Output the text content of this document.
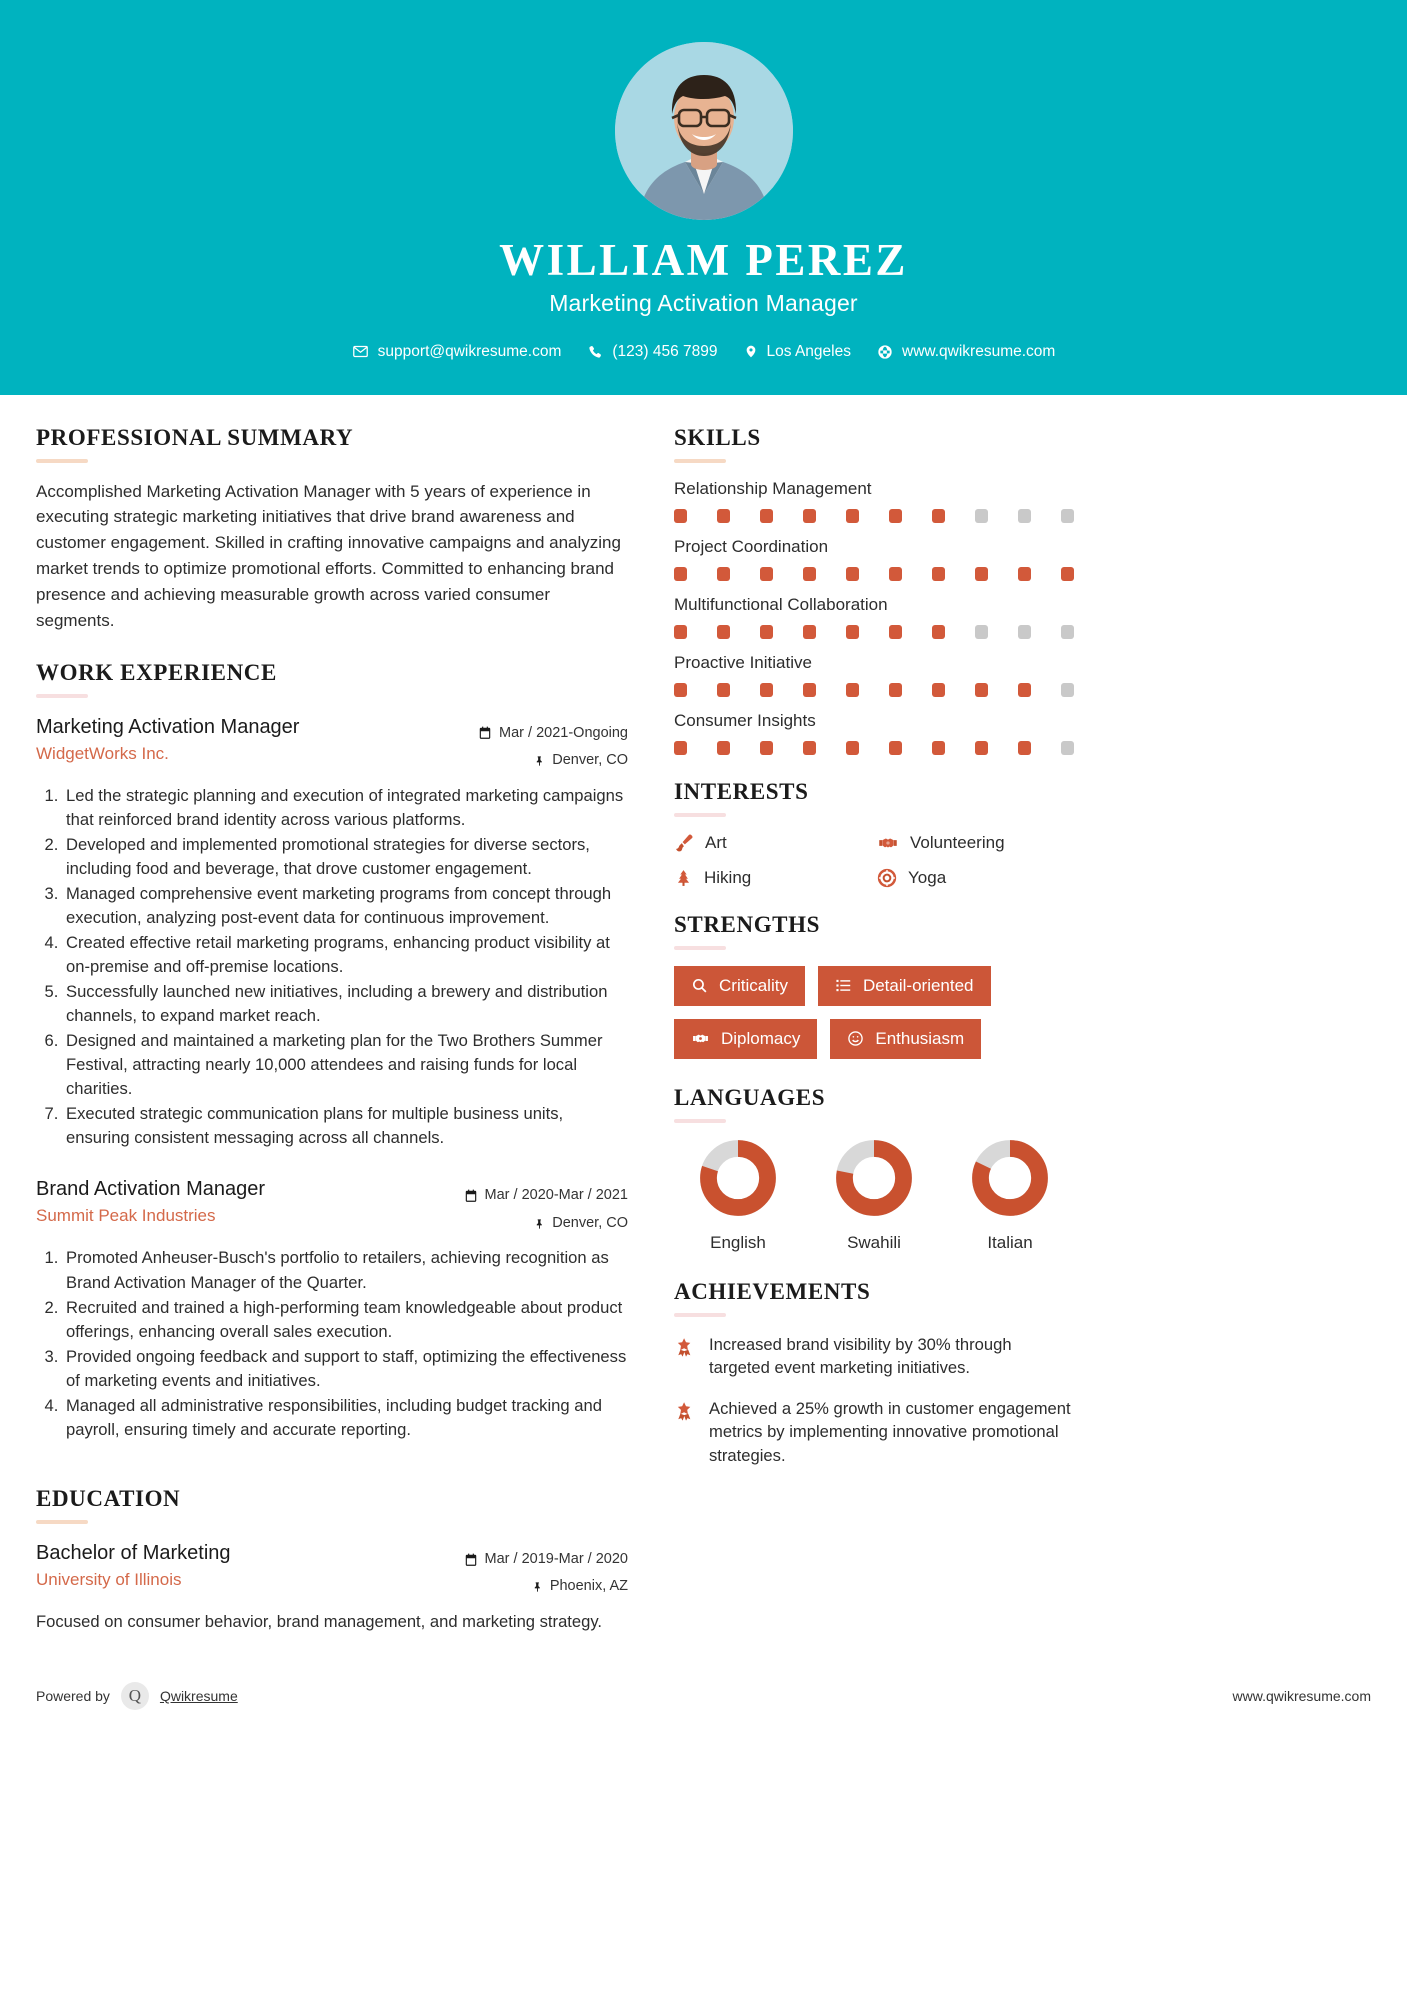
WILLIAM PEREZ
Marketing Activation Manager
support@qwikresume.com	(123) 456 7899	Los Angeles	www.qwikresume.com
PROFESSIONAL SUMMARY

Accomplished Marketing Activation Manager with 5 years of experience in executing strategic marketing initiatives that drive brand awareness and customer engagement. Skilled in crafting innovative campaigns and analyzing market trends to optimize promotional efforts. Committed to enhancing brand presence and achieving measurable growth across varied consumer segments.

WORK EXPERIENCE
Marketing Activation Manager
WidgetWorks Inc.
Mar / 2021-Ongoing
Denver, CO
1. Led the strategic planning and execution of integrated marketing campaigns that reinforced brand identity across various platforms.
2. Developed and implemented promotional strategies for diverse sectors, including food and beverage, that drove customer engagement.
3. Managed comprehensive event marketing programs from concept through execution, analyzing post-event data for continuous improvement.
4. Created effective retail marketing programs, enhancing product visibility at on-premise and off-premise locations.
5. Successfully launched new initiatives, including a brewery and distribution channels, to expand market reach.
6. Designed and maintained a marketing plan for the Two Brothers Summer Festival, attracting nearly 10,000 attendees and raising funds for local charities.
7. Executed strategic communication plans for multiple business units, ensuring consistent messaging across all channels.
Brand Activation Manager
Summit Peak Industries
Mar / 2020-Mar / 2021
Denver, CO
1. Promoted Anheuser-Busch's portfolio to retailers, achieving recognition as Brand Activation Manager of the Quarter.
2. Recruited and trained a high-performing team knowledgeable about product offerings, enhancing overall sales execution.
3. Provided ongoing feedback and support to staff, optimizing the effectiveness of marketing events and initiatives.
4. Managed all administrative responsibilities, including budget tracking and payroll, ensuring timely and accurate reporting.
EDUCATION
Bachelor of Marketing
University of Illinois
Mar / 2019-Mar / 2020
Phoenix, AZ

Focused on consumer behavior, brand management, and marketing strategy.

SKILLS
Relationship Management
Project Coordination
Multifunctional Collaboration
Proactive Initiative
Consumer Insights
INTERESTS
Art	Volunteering
Hiking	Yoga
STRENGTHS
Criticality	Detail-oriented
Diplomacy	Enthusiasm
LANGUAGES
English	Swahili	Italian
ACHIEVEMENTS
Increased brand visibility by 30% through targeted event marketing initiatives.
Achieved a 25% growth in customer engagement metrics by implementing innovative promotional strategies.
Powered by	Q	Qwikresume	www.qwikresume.com
